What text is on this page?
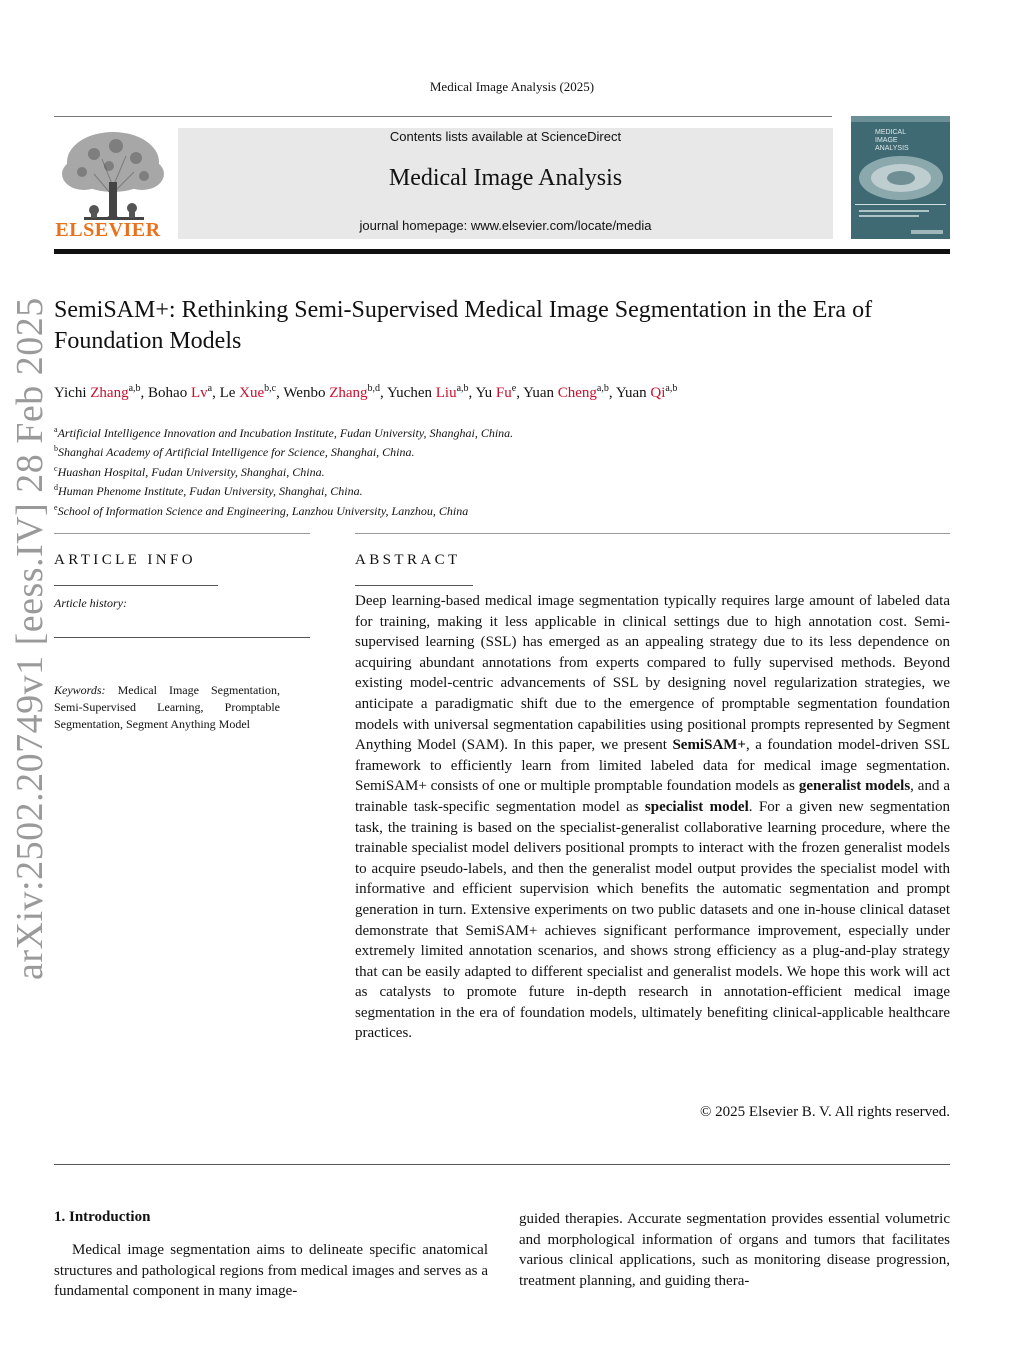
Medical Image Analysis (2025)
ELSEVIER
Contents lists available at ScienceDirect
Medical Image Analysis
journal homepage: www.elsevier.com/locate/media
MEDICAL
IMAGE
ANALYSIS
arXiv:2502.20749v1 [eess.IV] 28 Feb 2025 SemiSAM+: Rethinking Semi-Supervised Medical Image Segmentation in the Era of Foundation Models
Yichi Zhang$^{a,b}$, Bohao Lv$^a$, Le Xue$^{b,c}$, Wenbo Zhang$^{b,d}$, Yuchen Liu$^{a,b}$, Yu Fu$^e$, Yuan Cheng$^{a,b}$, Yuan Qi$^{a,b}$
$^a$Artificial Intelligence Innovation and Incubation Institute, Fudan University, Shanghai, China.
$^b$Shanghai Academy of Artificial Intelligence for Science, Shanghai, China.
$^c$Huashan Hospital, Fudan University, Shanghai, China.
$^d$Human Phenome Institute, Fudan University, Shanghai, China.
$^e$School of Information Science and Engineering, Lanzhou University, Lanzhou, China
ARTICLE INFO
Article history:
Keywords: Medical Image Segmentation, Semi-Supervised Learning, Promptable Segmentation, Segment Anything Model
ABSTRACT
Deep learning-based medical image segmentation typically requires large amount of labeled data for training, making it less applicable in clinical settings due to high annotation cost. Semi-supervised learning (SSL) has emerged as an appealing strategy due to its less dependence on acquiring abundant annotations from experts compared to fully supervised methods. Beyond existing model-centric advancements of SSL by designing novel regularization strategies, we anticipate a paradigmatic shift due to the emergence of promptable segmentation foundation models with universal segmentation capabilities using positional prompts represented by Segment Anything Model (SAM). In this paper, we present SemiSAM+, a foundation model-driven SSL framework to efficiently learn from limited labeled data for medical image segmentation. SemiSAM+ consists of one or multiple promptable foundation models as generalist models, and a trainable task-specific segmentation model as specialist model. For a given new segmentation task, the training is based on the specialist-generalist collaborative learning procedure, where the trainable specialist model delivers positional prompts to interact with the frozen generalist models to acquire pseudo-labels, and then the generalist model output provides the specialist model with informative and efficient supervision which benefits the automatic segmentation and prompt generation in turn. Extensive experiments on two public datasets and one in-house clinical dataset demonstrate that SemiSAM+ achieves significant performance improvement, especially under extremely limited annotation scenarios, and shows strong efficiency as a plug-and-play strategy that can be easily adapted to different specialist and generalist models. We hope this work will act as catalysts to promote future in-depth research in annotation-efficient medical image segmentation in the era of foundation models, ultimately benefiting clinical-applicable healthcare practices.
© 2025 Elsevier B. V. All rights reserved.
1. Introduction
Medical image segmentation aims to delineate specific anatomical structures and pathological regions from medical images and serves as a fundamental component in many image-
guided therapies. Accurate segmentation provides essential volumetric and morphological information of organs and tumors that facilitates various clinical applications, such as monitoring disease progression, treatment planning, and guiding thera-
